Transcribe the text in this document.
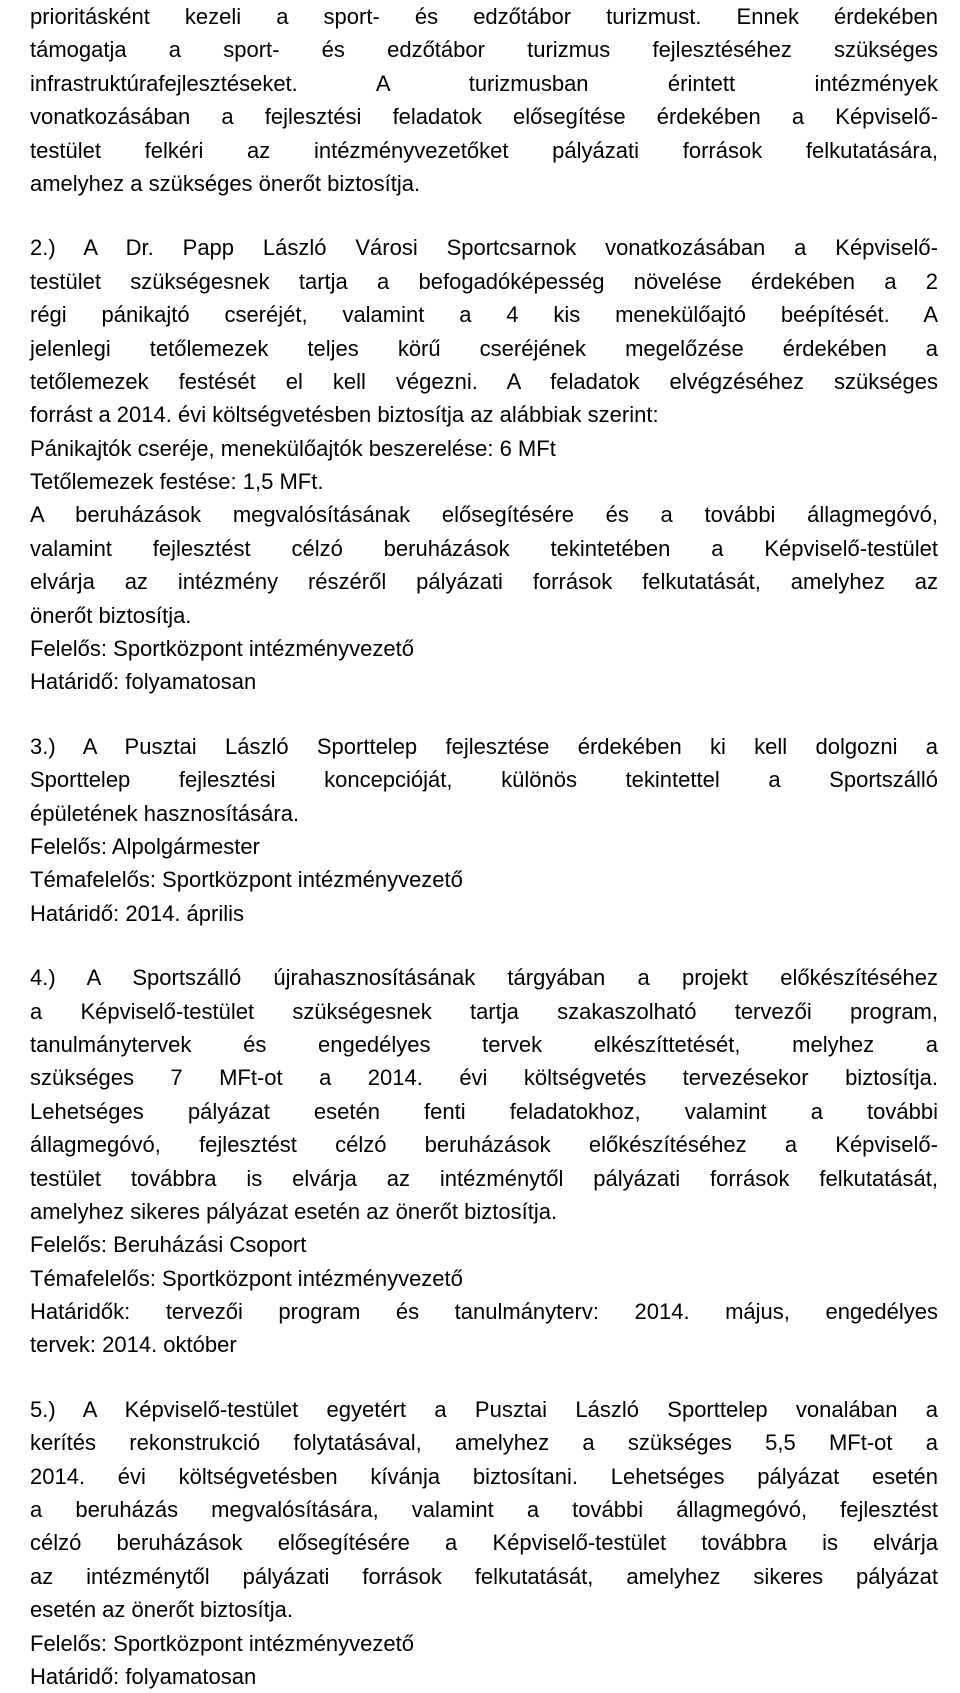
prioritásként kezeli a sport- és edzőtábor turizmust. Ennek érdekében
támogatja a sport- és edzőtábor turizmus fejlesztéséhez szükséges
infrastruktúrafejlesztéseket. A turizmusban érintett intézmények
vonatkozásában a fejlesztési feladatok elősegítése érdekében a Képviselő-
testület felkéri az intézményvezetőket pályázati források felkutatására,
amelyhez a szükséges önerőt biztosítja.
2.) A Dr. Papp László Városi Sportcsarnok vonatkozásában a Képviselő-
testület szükségesnek tartja a befogadóképesség növelése érdekében a 2
régi pánikajtó cseréjét, valamint a 4 kis menekülőajtó beépítését. A
jelenlegi tetőlemezek teljes körű cseréjének megelőzése érdekében a
tetőlemezek festését el kell végezni. A feladatok elvégzéséhez szükséges
forrást a 2014. évi költségvetésben biztosítja az alábbiak szerint:
Pánikajtók cseréje, menekülőajtók beszerelése: 6 MFt
Tetőlemezek festése: 1,5 MFt.
A beruházások megvalósításának elősegítésére és a további állagmegóvó,
valamint fejlesztést célzó beruházások tekintetében a Képviselő-testület
elvárja az intézmény részéről pályázati források felkutatását, amelyhez az
önerőt biztosítja.
Felelős: Sportközpont intézményvezető
Határidő: folyamatosan
3.) A Pusztai László Sporttelep fejlesztése érdekében ki kell dolgozni a
Sporttelep fejlesztési koncepcióját, különös tekintettel a Sportszálló
épületének hasznosítására.
Felelős: Alpolgármester
Témafelelős: Sportközpont intézményvezető
Határidő: 2014. április
4.) A Sportszálló újrahasznosításának tárgyában a projekt előkészítéséhez
a Képviselő-testület szükségesnek tartja szakaszolható tervezői program,
tanulmánytervek és engedélyes tervek elkészíttetését, melyhez a
szükséges 7 MFt-ot a 2014. évi költségvetés tervezésekor biztosítja.
Lehetséges pályázat esetén fenti feladatokhoz, valamint a további
állagmegóvó, fejlesztést célzó beruházások előkészítéséhez a Képviselő-
testület továbbra is elvárja az intézménytől pályázati források felkutatását,
amelyhez sikeres pályázat esetén az önerőt biztosítja.
Felelős: Beruházási Csoport
Témafelelős: Sportközpont intézményvezető
Határidők: tervezői program és tanulmányterv: 2014. május, engedélyes
tervek: 2014. október
5.) A Képviselő-testület egyetért a Pusztai László Sporttelep vonalában a
kerítés rekonstrukció folytatásával, amelyhez a szükséges 5,5 MFt-ot a
2014. évi költségvetésben kívánja biztosítani. Lehetséges pályázat esetén
a beruházás megvalósítására, valamint a további állagmegóvó, fejlesztést
célzó beruházások elősegítésére a Képviselő-testület továbbra is elvárja
az intézménytől pályázati források felkutatását, amelyhez sikeres pályázat
esetén az önerőt biztosítja.
Felelős: Sportközpont intézményvezető
Határidő: folyamatosan
